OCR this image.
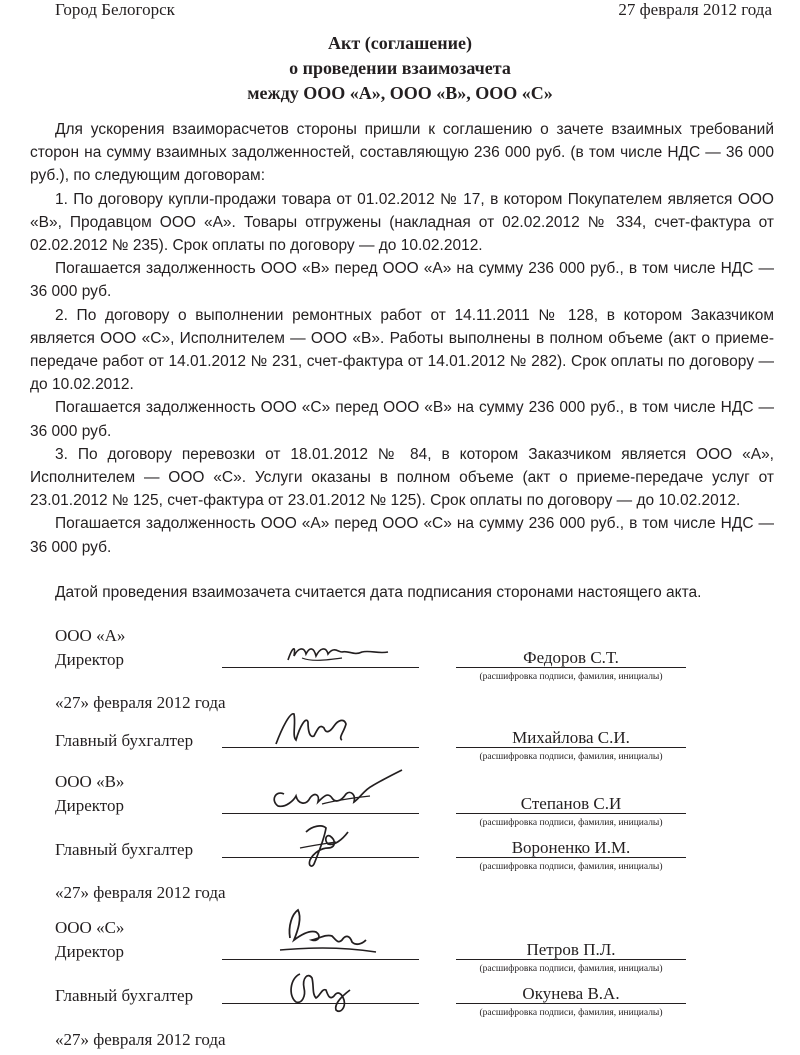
Город Белогорск	27 февраля 2012 года
Акт (соглашение)
о проведении взаимозачета
между ООО «А», ООО «В», ООО «С»

Для ускорения взаиморасчетов стороны пришли к соглашению о зачете взаимных требований сторон на сумму взаимных задолженностей, составляющую 236 000 руб. (в том числе НДС — 36 000 руб.), по следующим договорам:

1. По договору купли-продажи товара от 01.02.2012 № 17, в котором Покупателем является ООО «В», Продавцом ООО «А». Товары отгружены (накладная от 02.02.2012 № 334, счет-фактура от 02.02.2012 № 235). Срок оплаты по договору — до 10.02.2012.

Погашается задолженность ООО «В» перед ООО «А» на сумму 236 000 руб., в том числе НДС — 36 000 руб.

2. По договору о выполнении ремонтных работ от 14.11.2011 № 128, в котором Заказчиком является ООО «С», Исполнителем — ООО «В». Работы выполнены в полном объеме (акт о приеме-передаче работ от 14.01.2012 № 231, счет-фактура от 14.01.2012 № 282). Срок оплаты по договору — до 10.02.2012.

Погашается задолженность ООО «С» перед ООО «В» на сумму 236 000 руб., в том числе НДС — 36 000 руб.

3. По договору перевозки от 18.01.2012 № 84, в котором Заказчиком является ООО «А», Исполнителем — ООО «С». Услуги оказаны в полном объеме (акт о приеме-передаче услуг от 23.01.2012 № 125, счет-фактура от 23.01.2012 № 125). Срок оплаты по договору — до 10.02.2012.

Погашается задолженность ООО «А» перед ООО «С» на сумму 236 000 руб., в том числе НДС — 36 000 руб.

Датой проведения взаимозачета считается дата подписания сторонами настоящего акта.

ООО «А»
Директор	Федоров С.Т.
(расшифровка подписи, фамилия, инициалы)
«27» февраля 2012 года
Главный бухгалтер	Михайлова С.И.
(расшифровка подписи, фамилия, инициалы)
ООО «В»
Директор	Степанов С.И
(расшифровка подписи, фамилия, инициалы)
Главный бухгалтер	Вороненко И.М.
(расшифровка подписи, фамилия, инициалы)
«27» февраля 2012 года
ООО «С»
Директор	Петров П.Л.
(расшифровка подписи, фамилия, инициалы)
Главный бухгалтер	Окунева В.А.
(расшифровка подписи, фамилия, инициалы)
«27» февраля 2012 года
